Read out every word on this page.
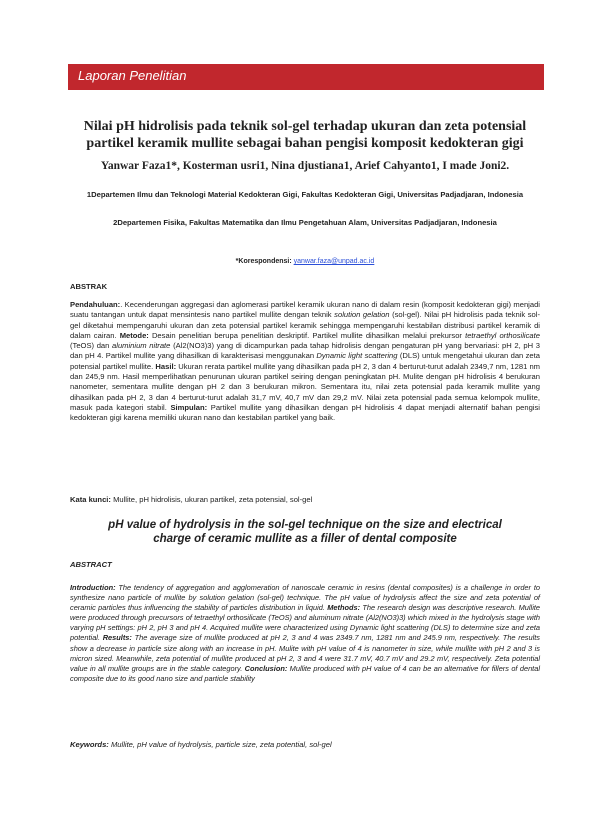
Laporan Penelitian
Nilai pH hidrolisis pada teknik sol-gel terhadap ukuran dan zeta potensial
partikel keramik mullite sebagai bahan pengisi komposit kedokteran gigi
Yanwar Faza1*, Kosterman usri1, Nina djustiana1, Arief Cahyanto1, I made Joni2.
1Departemen Ilmu dan Teknologi Material Kedokteran Gigi, Fakultas Kedokteran Gigi, Universitas Padjadjaran, Indonesia
2Departemen Fisika, Fakultas Matematika dan Ilmu Pengetahuan Alam, Universitas Padjadjaran, Indonesia
*Korespondensi: yanwar.faza@unpad.ac.id
ABSTRAK
Pendahuluan:. Kecenderungan aggregasi dan aglomerasi partikel keramik ukuran nano di dalam resin (komposit kedokteran gigi) menjadi suatu tantangan untuk dapat mensintesis nano partikel mullite dengan teknik solution gelation (sol-gel). Nilai pH hidrolisis pada teknik sol-gel diketahui mempengaruhi ukuran dan zeta potensial partikel keramik sehingga mempengaruhi kestabilan distribusi partikel keramik di dalam cairan. Metode: Desain penelitian berupa penelitian deskriptif. Partikel mullite dihasilkan melalui prekursor tetraethyl orthosilicate (TeOS) dan aluminium nitrate (Al2(NO3)3) yang di dicampurkan pada tahap hidrolisis dengan pengaturan pH yang bervariasi: pH 2, pH 3 dan pH 4. Partikel mullite yang dihasilkan di karakterisasi menggunakan Dynamic light scattering (DLS) untuk mengetahui ukuran dan zeta potensial partikel mullite. Hasil: Ukuran rerata partikel mullite yang dihasilkan pada pH 2, 3 dan 4 berturut-turut adalah 2349,7 nm, 1281 nm dan 245,9 nm. Hasil memperlihatkan penurunan ukuran partikel seiring dengan peningkatan pH. Mulite dengan pH hidrolisis 4 berukuran nanometer, sementara mullite dengan pH 2 dan 3 berukuran mikron. Sementara itu, nilai zeta potensial pada keramik mullite yang dihasilkan pada pH 2, 3 dan 4 berturut-turut adalah 31,7 mV, 40,7 mV dan 29,2 mV. Nilai zeta potensial pada semua kelompok mullite, masuk pada kategori stabil. Simpulan: Partikel mullite yang dihasilkan dengan pH hidrolisis 4 dapat menjadi alternatif bahan pengisi kedokteran gigi karena memiliki ukuran nano dan kestabilan partikel yang baik.
Kata kunci: Mullite, pH hidrolisis, ukuran partikel, zeta potensial, sol-gel
pH value of hydrolysis in the sol-gel technique on the size and electrical
charge of ceramic mullite as a filler of dental composite
ABSTRACT
Introduction: The tendency of aggregation and agglomeration of nanoscale ceramic in resins (dental composites) is a challenge in order to synthesize nano particle of mullite by solution gelation (sol-gel) technique. The pH value of hydrolysis affect the size and zeta potential of ceramic particles thus influencing the stability of particles distribution in liquid. Methods: The research design was descriptive research. Mullite were produced through precursors of tetraethyl orthosilicate (TeOS) and aluminum nitrate (Al2(NO3)3) which mixed in the hydrolysis stage with varying pH settings: pH 2, pH 3 and pH 4. Acquired mullite were characterized using Dynamic light scattering (DLS) to determine size and zeta potential. Results: The average size of mullite produced at pH 2, 3 and 4 was 2349.7 nm, 1281 nm and 245.9 nm, respectively. The results show a decrease in particle size along with an increase in pH. Mulite with pH value of 4 is nanometer in size, while mullite with pH 2 and 3 is micron sized. Meanwhile, zeta potential of mullite produced at pH 2, 3 and 4 were 31.7 mV, 40.7 mV and 29.2 mV, respectively. Zeta potential value in all mullite groups are in the stable category. Conclusion: Mullite produced with pH value of 4 can be an alternative for fillers of dental composite due to its good nano size and particle stability
Keywords: Mullite, pH value of hydrolysis, particle size, zeta potential, sol-gel
